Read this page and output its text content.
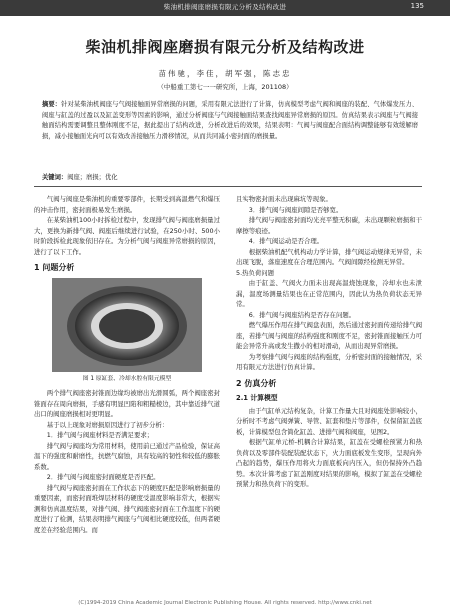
柴油机排阀座磨损有限元分析及结构改进	135
柴油机排阀座磨损有限元分析及结构改进
苗伟驰，李佳，胡军强，陈志忠
（中船重工第七一一研究所，上海，201108）
摘要：针对某柴油机阀座与气阀接触面异常磨损的问题，采用有限元法进行了计算，仿真模型考虑气阀和阀座的装配、气体爆发压力、阀座与缸盖的过盈以及缸盖变形等因素的影响，通过分析阀座与气阀接触面结果查找阀座异常磨损的原因。仿真结果表示阀座与气阀接触面结构需要调整且整体刚度不足，据此提出了结构改进，分析改进后的效果，结果表明：气阀与阀座配合面结构调整能够有效缓解磨损，减小接触面光向可以有效改善接触压力滑移情况，从而共同减小密封面的磨损量。
关键词：阀座；磨损；优化

气阀与阀座是柴油机的重要零部件，长期受到高温燃气和爆压的冲击作用，密封面极易发生磨损。

在某柴油机100小时拆检过程中，发现排气阀与阀座磨损量过大，更换为新排气阀、阀座后继续进行试验，在250小时、500小时阶段拆检此现象依旧存在。为分析气阀与阀座异常磨损的原因，进行了以下工作。

1 问题分析
图 1 原缸套、冷却水腔有限元模型

两个排气阀座密封锥面边缘均被磨出光滑圆弧，两个阀座密封锥面存在周向磨损，手感有明显凹陷和粗糙棱边，其中靠近排气道出口的阀座磨损相对更明显。

基于以上现象对磨损原因进行了初步分析：

1．排气阀与阀座材料是否满足要求；

排气阀与阀座均为常用材料，使用前已通过产品检验，保证高温下的强度和耐磨性，抗燃气腐蚀，具有较高的韧性和较低的膨胀系数。

2．排气阀与阀座密封面硬度是否匹配。

排气阀与阀座密封面在工作状态下的硬度匹配是影响磨损量的重要因素，而密封面堆焊层材料的硬度受温度影响非常大，根据实测和仿真温度结果，对排气阀、排气阀座密封面在工作温度下的硬度进行了检测，结果表明排气阀座与气阀相比硬度较低，但两者硬度差在经验范围内。而

且实物密封面未出现麻坑等现象。

3．排气阀与阀座间隙是否够宽。

排气阀与阀座密封面均光亮平整无积碳，未出现颗粒磨损和干摩擦等痕迹。

4．排气阀运动是否合理。

根据柴油机配气机构动力学计算，排气阀运动规律无异常，未出现飞脱，落座速度在合理范围内。气阀间隙经检测无异常。

5.热负荷问题

由于缸盖、气阀火力面未出现高温烧蚀现象，冷却水也未泄漏，温度场测量结果也在正常范围内，因此认为热负荷状态无异常。

6．排气阀与阀座结构是否存在问题。

燃气爆压作用在排气阀盘表面，然后通过密封面传递给排气阀座，若排气阀与阀座的结构强度和刚度不足，密封锥面接触压力可能会异常升高或发生撒小的相对滑动，从而出现异常磨损。

为考察排气阀与阀座的结构强度，分析密封面的接触情况，采用有限元方法进行仿真计算。

2 仿真分析
2.1 计算模型

由于气缸单元结构复杂，计算工作量大且对阀座处影响较小，分析时不考虑气阀弹簧、导管、缸套和垫片等部件，仅保留缸盖底板，计算模型包含简化缸盖、进排气阀和阀座，见图2。

根据气缸单元桥-机耦合计算结果，缸盖在受螺栓预紧力和热负荷以及零部件装配装配状态下，火力面底板发生变形，呈现向外凸起的趋势，爆压作用将火力面底板向内压入，但仍保持外凸趋势。本次计算考虑了缸盖刚度对结果的影响，模拟了缸盖在受螺栓预紧力和热负荷下的变形。

(C)1994-2019 China Academic Journal Electronic Publishing House. All rights reserved. http://www.cnki.net
